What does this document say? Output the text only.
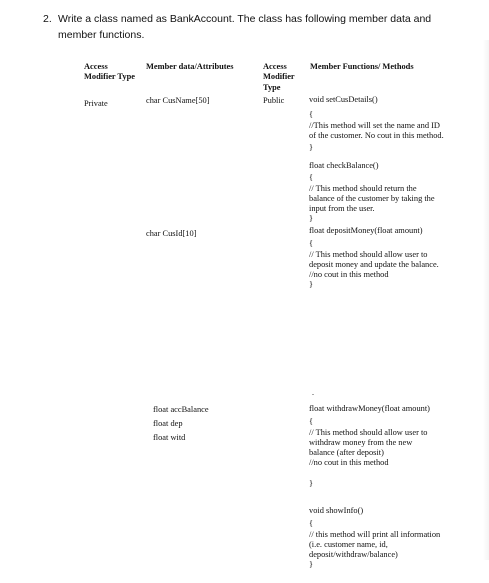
2. Write a class named as BankAccount. The class has following member data and member functions.
Access Modifier Type
Member data/Attributes	Access Modifier Type
Member Functions/ Methods
Private	Public
char CusName[50]
char CusId[10]
float accBalance
float dep
float witd
void setCusDetails()
{
//This method will set the name and ID of the customer. No cout in this method.
}
float checkBalance()
{
// This method should return the balance of the customer by taking the input from the user.
}
float depositMoney(float amount)
{
// This method should allow user to deposit money and update the balance.
//no cout in this method
}
.
float withdrawMoney(float amount)
{
// This method should allow user to withdraw money from the new balance (after deposit)
//no cout in this method
}
void showInfo()
{
// this method will print all information (i.e. customer name, id, deposit/withdraw/balance)
}
